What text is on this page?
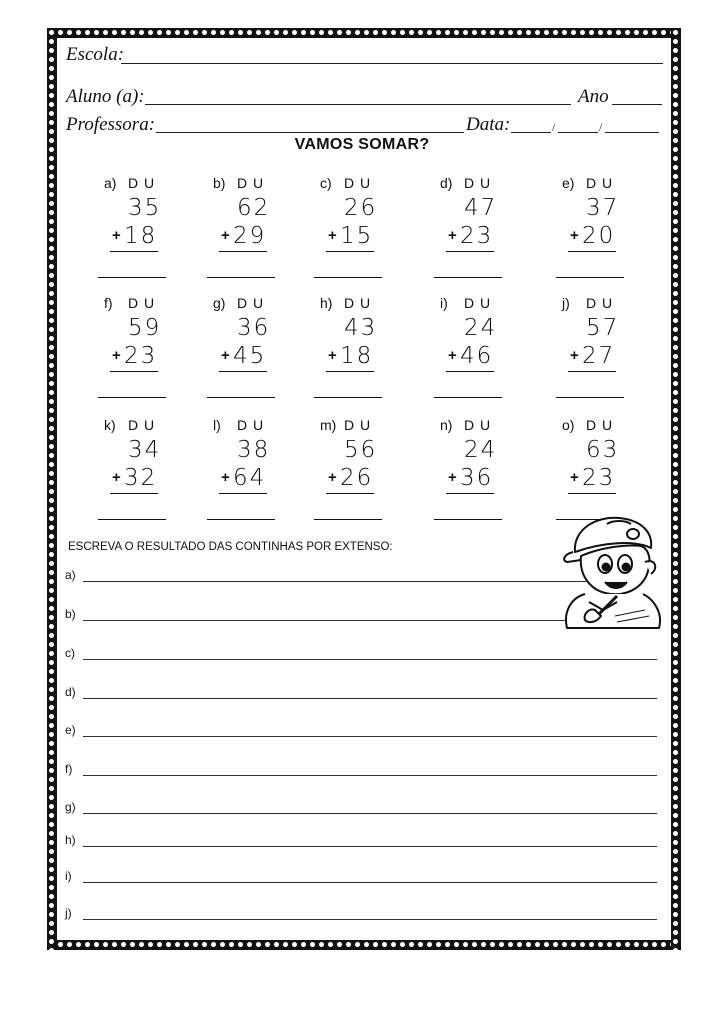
Escola:
Aluno (a):	Ano
Professora:	Data:	/	/
VAMOS SOMAR?
a) D U
35
+ 18
b) D U
62
+ 29
c) D U
26
+ 15
d) D U
47
+ 23
e) D U
37
+ 20
f) D U
59
+ 23
g) D U
36
+ 45
h) D U
43
+ 18
i) D U
24
+ 46
j) D U
57
+ 27
k) D U
34
+ 32
l) D U
38
+ 64
m) D U
56
+ 26
n) D U
24
+ 36
o) D U
63
+ 23
ESCREVA O RESULTADO DAS CONTINHAS POR EXTENSO:
a)
b)
c)
d)
e)
f)
g)
h)
i)
j)
